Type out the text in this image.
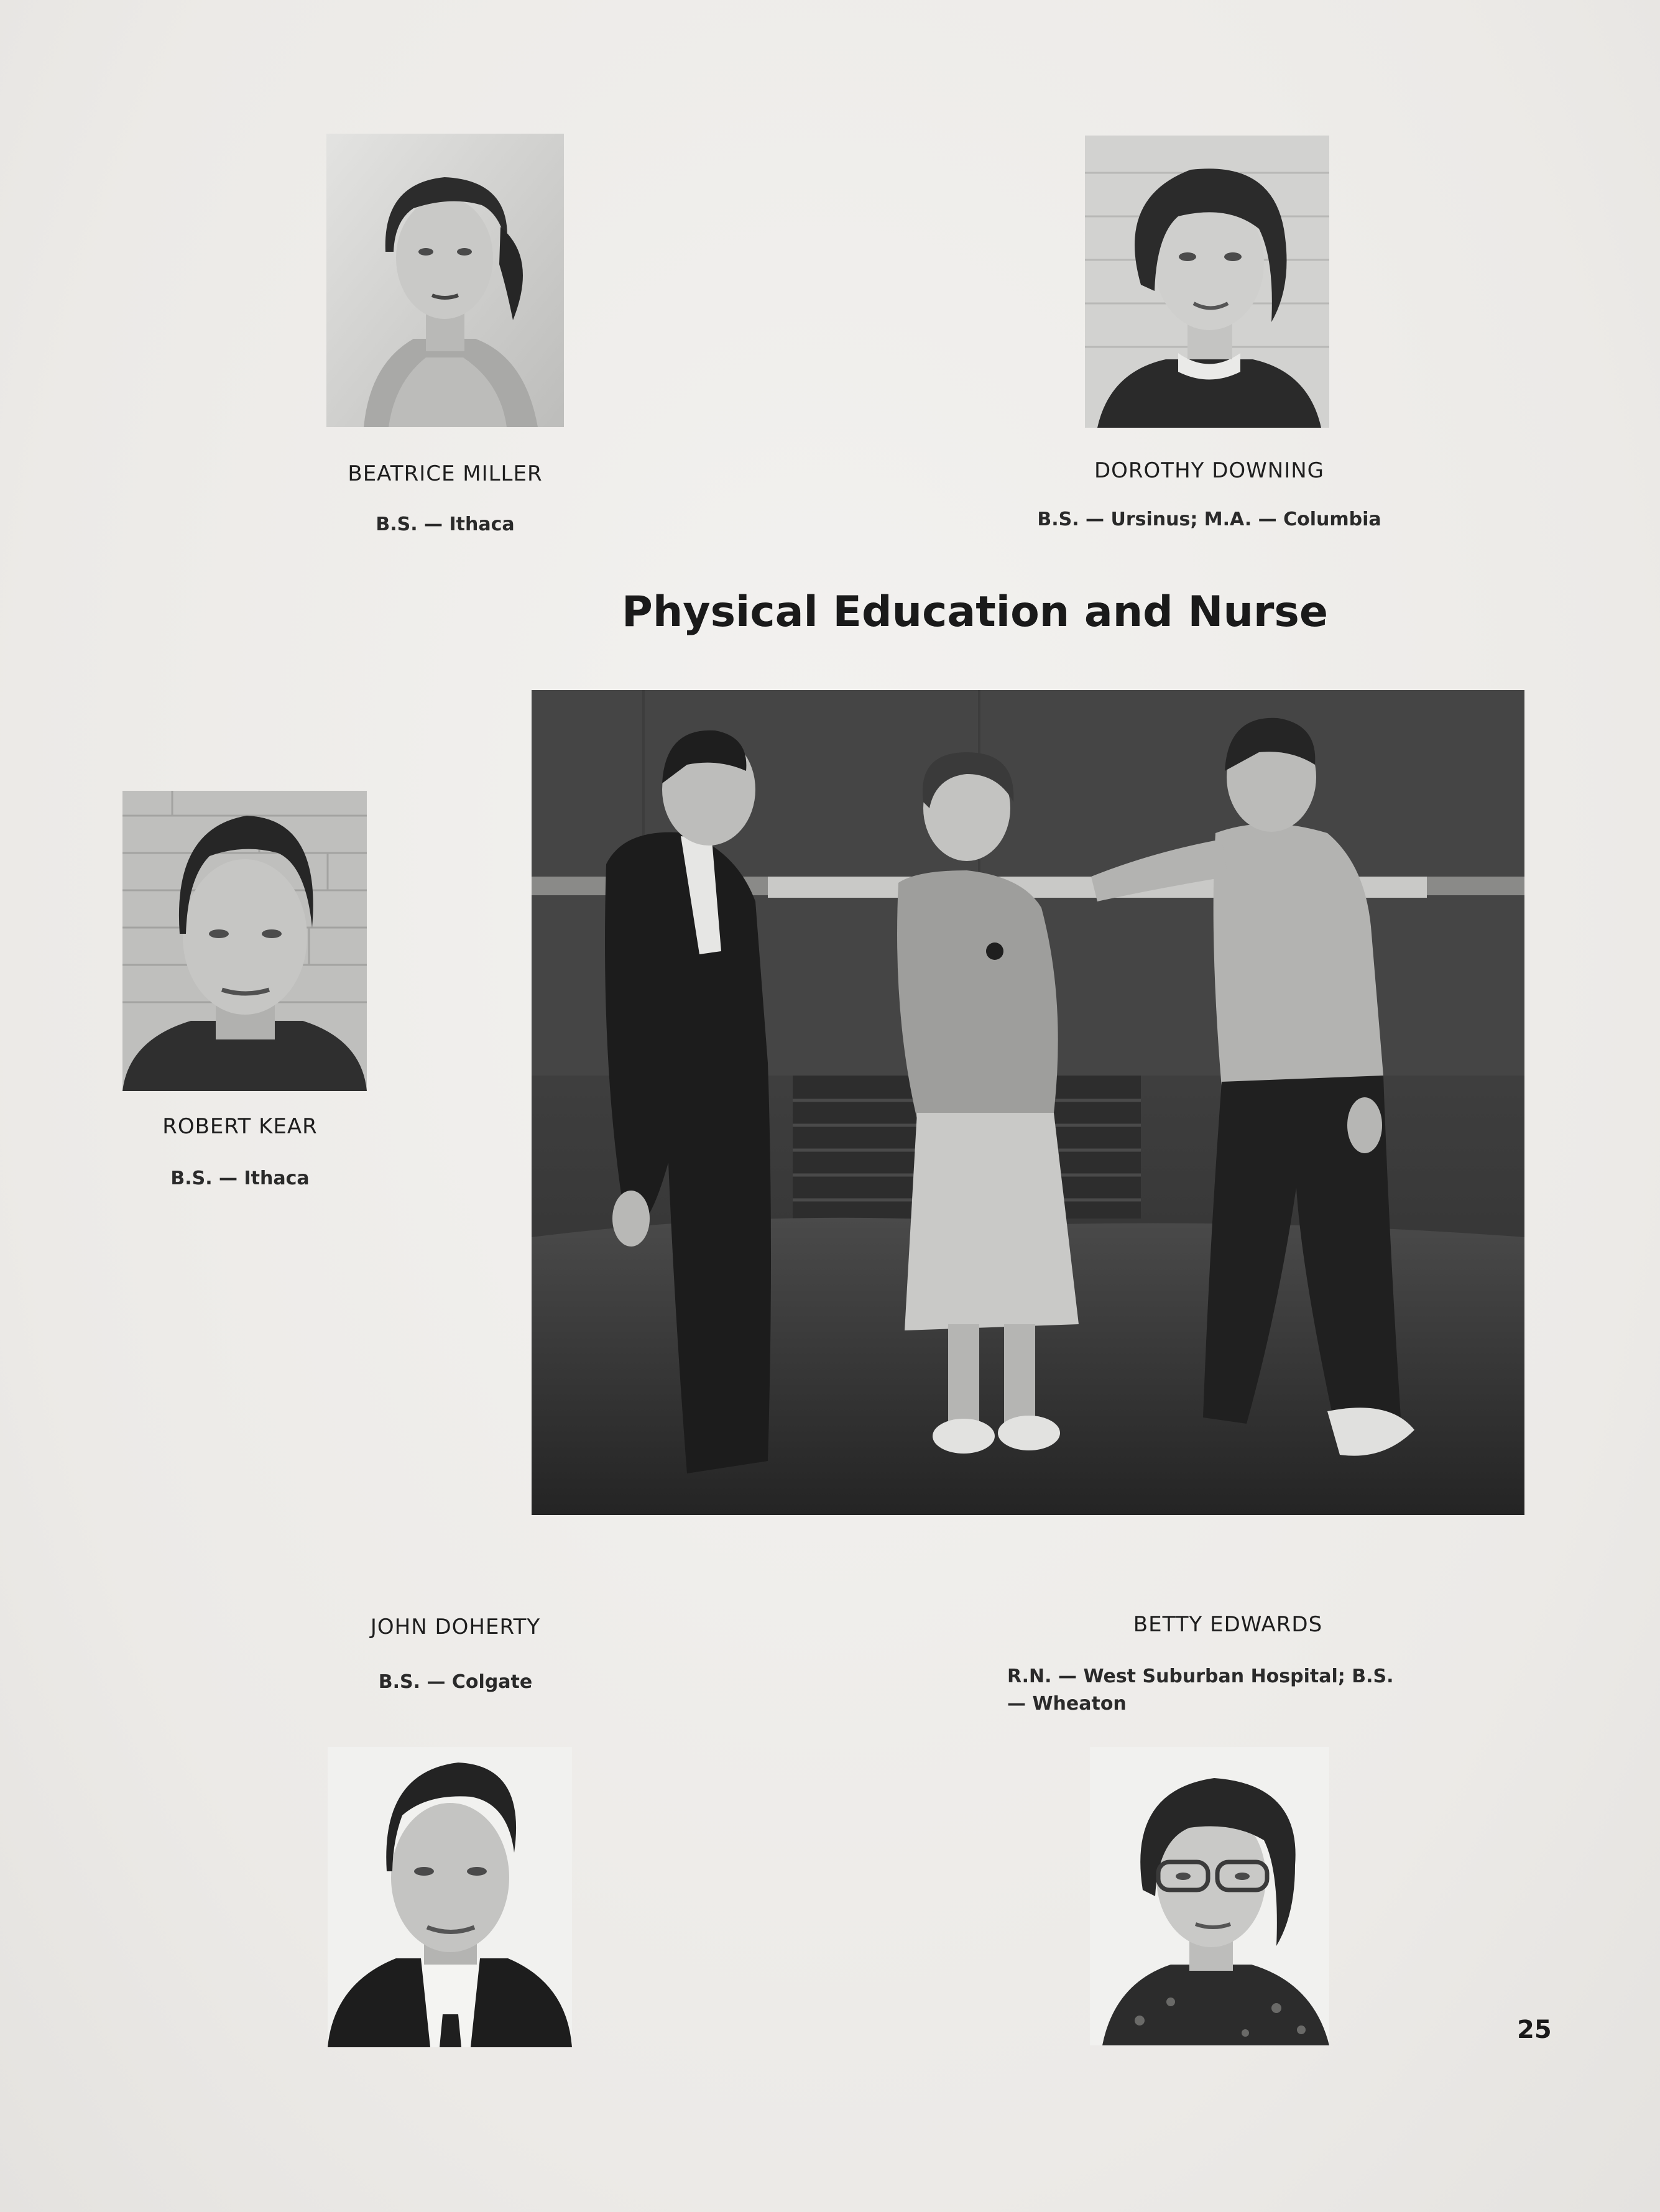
BEATRICE MILLER
B.S. — Ithaca
DOROTHY DOWNING
B.S. — Ursinus; M.A. — Columbia
Physical Education and Nurse
ROBERT KEAR
B.S. — Ithaca
JOHN DOHERTY
B.S. — Colgate
BETTY EDWARDS
R.N. — West Suburban Hospital; B.S. — Wheaton
25
